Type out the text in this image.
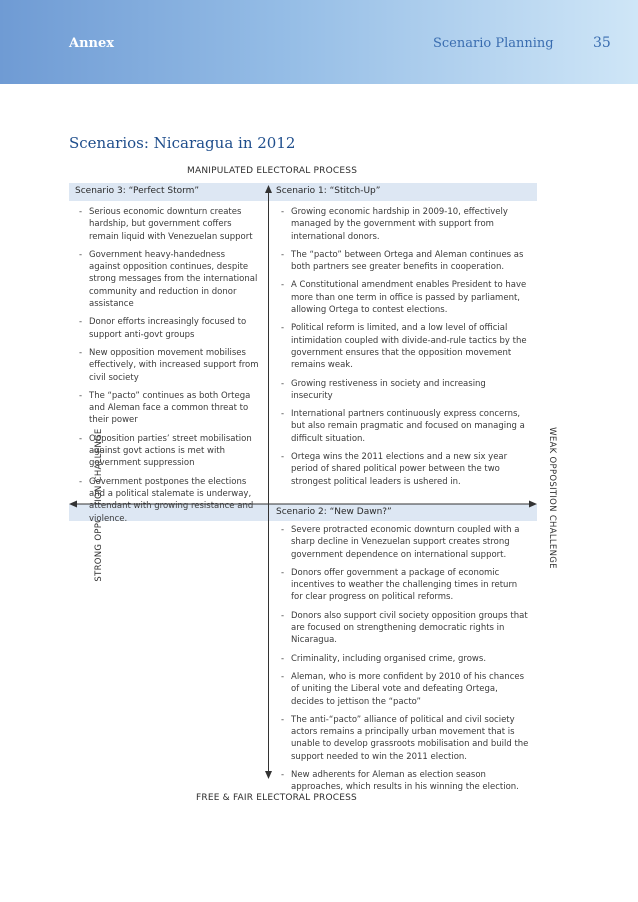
Annex	Scenario Planning	35
Scenarios: Nicaragua in 2012
MANIPULATED ELECTORAL PROCESS
FREE & FAIR ELECTORAL PROCESS
WEAK OPPOSITION CHALLENGE
Scenario 3: “Perfect Storm”	Scenario 1: “Stitch-Up”
Scenario 2: “New Dawn?”
- Serious economic downturn creates hardship, but government coffers remain liquid with Venezuelan support
- Government heavy-handedness against opposition continues, despite strong messages from the international community and reduction in donor assistance
- Donor efforts increasingly focused to support anti-govt groups
- New opposition movement mobilises effectively, with increased support from civil society
- The “pacto” continues as both Ortega and Aleman face a common threat to their power
- Opposition parties’ street mobilisation against govt actions is met with government suppression
- Government postpones the elections and a political stalemate is underway, attendant with growing resistance and violence.
- Growing economic hardship in 2009-10, effectively managed by the government with support from international donors.
- The “pacto” between Ortega and Aleman continues as both partners see greater benefits in cooperation.
- A Constitutional amendment enables President to have more than one term in office is passed by parliament, allowing Ortega to contest elections.
- Political reform is limited, and a low level of official intimidation coupled with divide-and-rule tactics by the government ensures that the opposition movement remains weak.
- Growing restiveness in society and increasing insecurity
- International partners continuously express concerns, but also remain pragmatic and focused on managing a difficult situation.
- Ortega wins the 2011 elections and a new six year period of shared political power between the two strongest political leaders is ushered in.
- Severe protracted economic downturn coupled with a sharp decline in Venezuelan support creates strong government dependence on international support.
- Donors offer government a package of economic incentives to weather the challenging times in return for clear progress on political reforms.
- Donors also support civil society opposition groups that are focused on strengthening democratic rights in Nicaragua.
- Criminality, including organised crime, grows.
- Aleman, who is more confident by 2010 of his chances of uniting the Liberal vote and defeating Ortega, decides to jettison the “pacto”
- The anti-“pacto” alliance of political and civil society actors remains a principally urban movement that is unable to develop grassroots mobilisation and build the support needed to win the 2011 election.
- New adherents for Aleman as election season approaches, which results in his winning the election.
